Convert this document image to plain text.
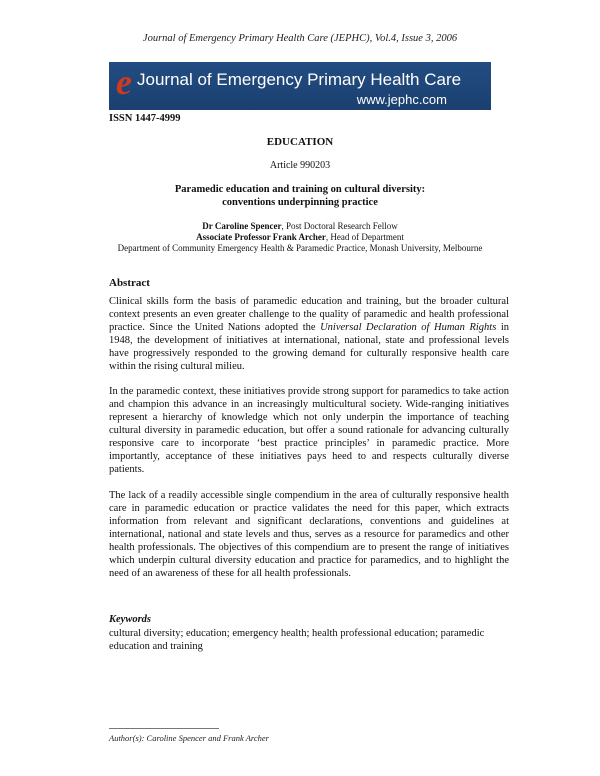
Journal of Emergency Primary Health Care (JEPHC), Vol.4, Issue 3, 2006
e Journal of Emergency Primary Health Care
www.jephc.com
ISSN 1447-4999
EDUCATION
Article 990203
Paramedic education and training on cultural diversity:
conventions underpinning practice
Dr Caroline Spencer, Post Doctoral Research Fellow
Associate Professor Frank Archer, Head of Department
Department of Community Emergency Health & Paramedic Practice, Monash University, Melbourne
Abstract
Clinical skills form the basis of paramedic education and training, but the broader cultural context presents an even greater challenge to the quality of paramedic and health professional practice. Since the United Nations adopted the Universal Declaration of Human Rights in 1948, the development of initiatives at international, national, state and professional levels have progressively responded to the growing demand for culturally responsive health care within the rising cultural milieu.
In the paramedic context, these initiatives provide strong support for paramedics to take action and champion this advance in an increasingly multicultural society. Wide-ranging initiatives represent a hierarchy of knowledge which not only underpin the importance of teaching cultural diversity in paramedic education, but offer a sound rationale for advancing culturally responsive care to incorporate ‘best practice principles’ in paramedic practice. More importantly, acceptance of these initiatives pays heed to and respects culturally diverse patients.
The lack of a readily accessible single compendium in the area of culturally responsive health care in paramedic education or practice validates the need for this paper, which extracts information from relevant and significant declarations, conventions and guidelines at international, national and state levels and thus, serves as a resource for paramedics and other health professionals. The objectives of this compendium are to present the range of initiatives which underpin cultural diversity education and practice for paramedics, and to highlight the need of an awareness of these for all health professionals.
Keywords
cultural diversity; education; emergency health; health professional education; paramedic education and training
Author(s): Caroline Spencer and Frank Archer
